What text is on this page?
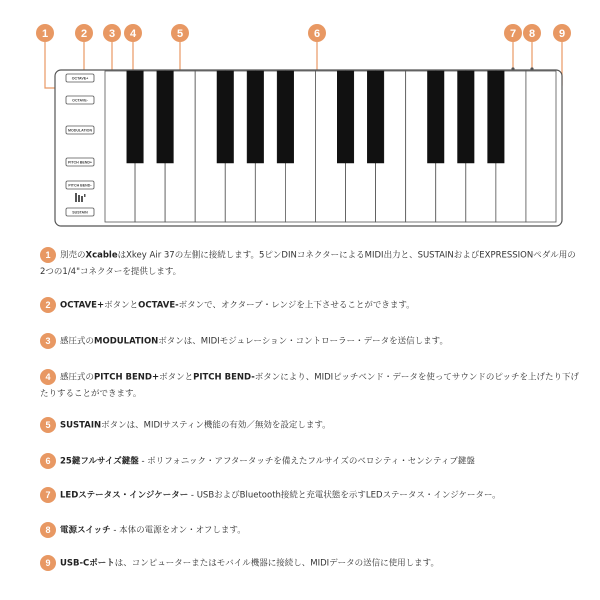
OCTAVE+
OCTAVE-
MODULATION
PITCH BEND+
PITCH BEND-
SUSTAIN
1	2 3 4	5	6	7 8 9
1 別売のXcableはXkey Air 37の左側に接続します。5ピンDINコネクターによるMIDI出力と、SUSTAINおよびEXPRESSIONペダル用の2つの1/4"コネクターを提供します。
2 OCTAVE+ボタンとOCTAVE-ボタンで、オクターブ・レンジを上下させることができます。
3 感圧式のMODULATIONボタンは、MIDIモジュレーション・コントローラー・データを送信します。
4 感圧式のPITCH BEND+ボタンとPITCH BEND-ボタンにより、MIDIピッチベンド・データを使ってサウンドのピッチを上げたり下げたりすることができます。
5 SUSTAINボタンは、MIDIサスティン機能の有効／無効を設定します。
6 25鍵フルサイズ鍵盤 - ポリフォニック・アフタータッチを備えたフルサイズのベロシティ・センシティブ鍵盤
7 LEDステータス・インジケーター - USBおよびBluetooth接続と充電状態を示すLEDステータス・インジケーター。
8 電源スイッチ - 本体の電源をオン・オフします。
9 USB-Cポートは、コンピューターまたはモバイル機器に接続し、MIDIデータの送信に使用します。
